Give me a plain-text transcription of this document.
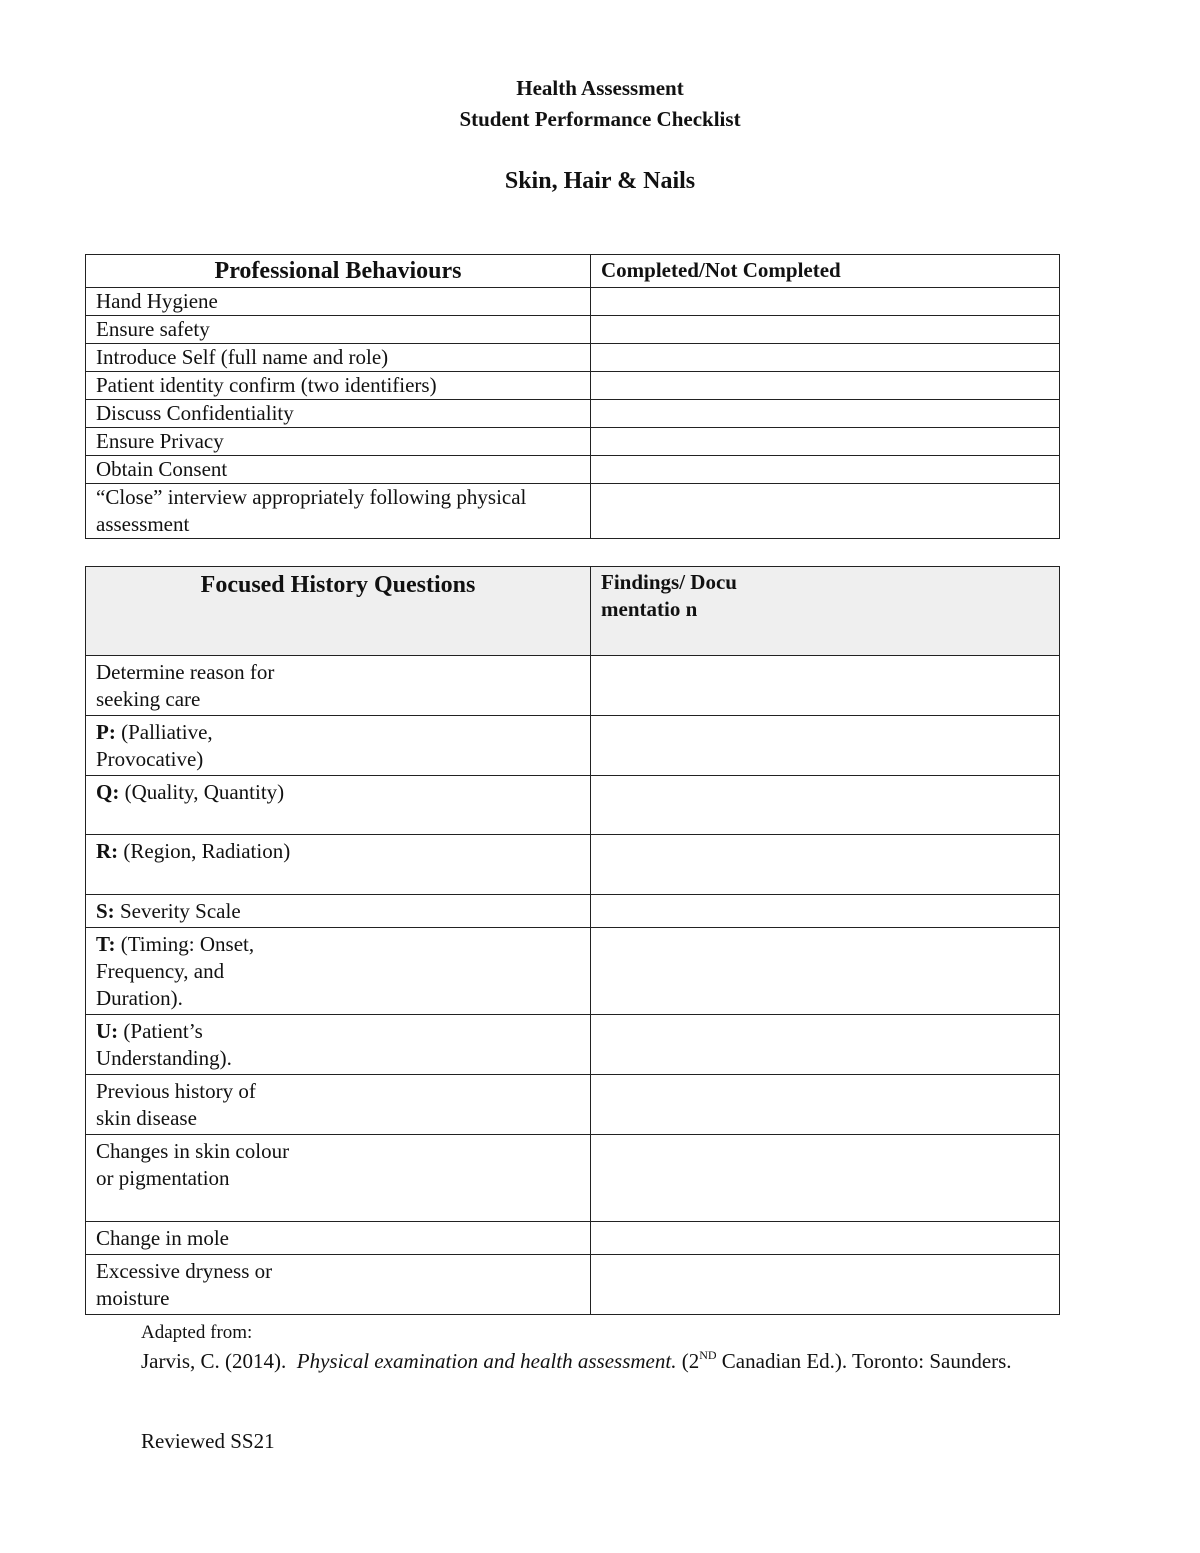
Health Assessment
Student Performance Checklist
Skin, Hair & Nails
Professional Behaviours	Completed/Not Completed
Hand Hygiene	
Ensure safety	
Introduce Self (full name and role)	
Patient identity confirm (two identifiers)	
Discuss Confidentiality	
Ensure Privacy	
Obtain Consent	
“Close” interview appropriately following physical assessment	
Focused History Questions	Findings/ Documentatio n
Determine reason for seeking care	
P: (Palliative, Provocative)	
Q: (Quality, Quantity)	
R: (Region, Radiation)	
S: Severity Scale	
T: (Timing: Onset, Frequency, and Duration).	
U: (Patient’s Understanding).	
Previous history of skin disease	
Changes in skin colour or pigmentation	
Change in mole	
Excessive dryness or moisture	
Adapted from:
Jarvis, C. (2014). Physical examination and health assessment. (2ND Canadian Ed.). Toronto: Saunders.
Reviewed SS21
